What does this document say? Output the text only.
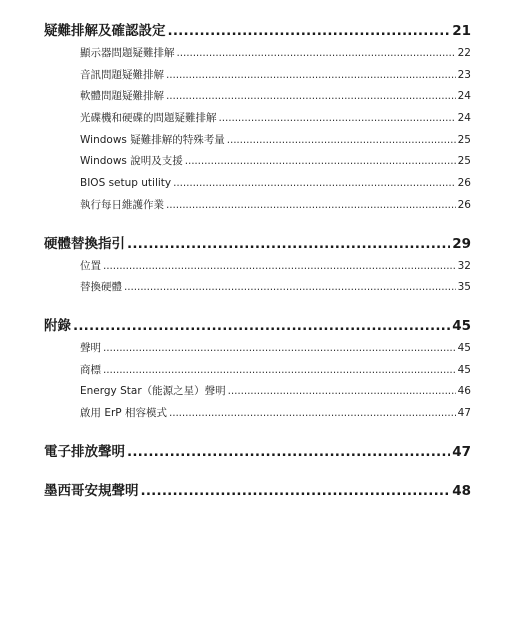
疑難排解及確認設定 .....	21
顯示器問題疑難排解 .....	22
音訊問題疑難排解 .....	23
軟體問題疑難排解 .....	24
光碟機和硬碟的問題疑難排解 .....	24
Windows 疑難排解的特殊考量 .....	25
Windows 說明及支援 .....	25
BIOS setup utility .....	26
執行每日維護作業 .....	26
硬體替換指引 .....	29
位置 .....	32
替換硬體 .....	35
附錄 .....	45
聲明 .....	45
商標 .....	45
Energy Star（能源之星）聲明 .....	46
啟用 ErP 相容模式 .....	47
電子排放聲明 .....	47
墨西哥安規聲明 .....	48
